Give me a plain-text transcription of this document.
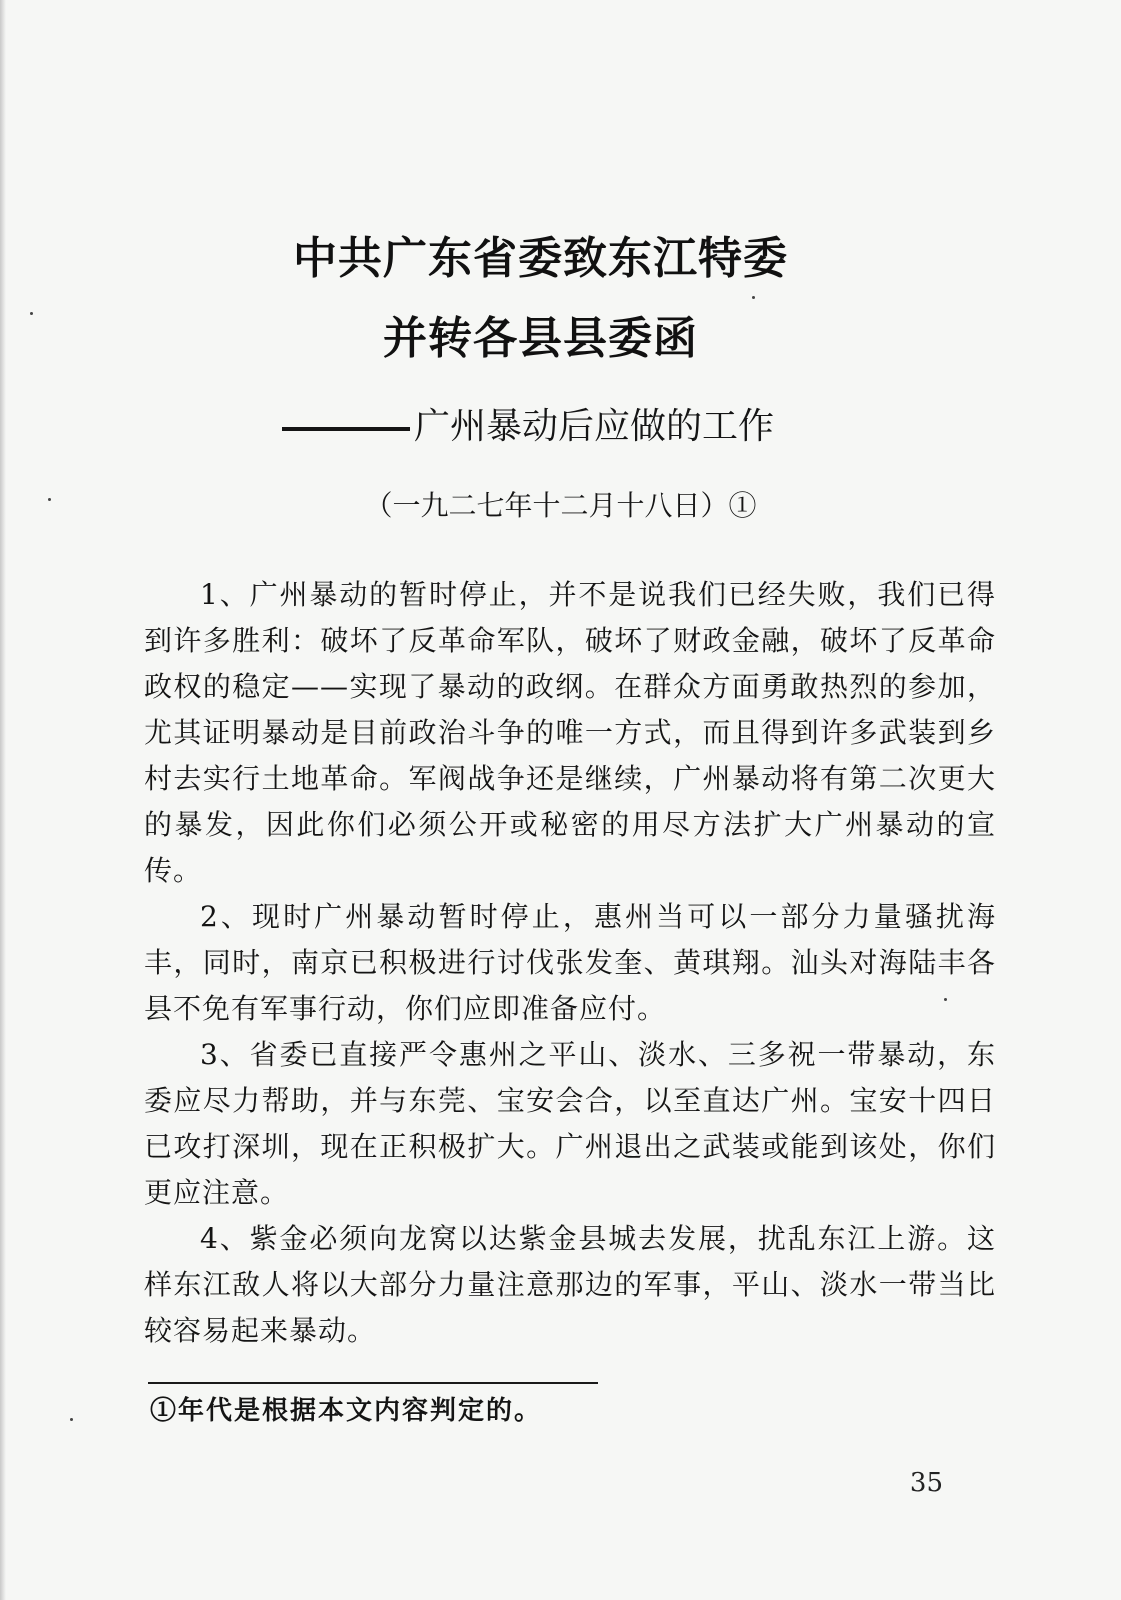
中共广东省委致东江特委
并转各县县委函
广州暴动后应做的工作
（一九二七年十二月十八日）①

1、广州暴动的暂时停止，并不是说我们已经失败，我们已得到许多胜利：破坏了反革命军队，破坏了财政金融，破坏了反革命政权的稳定——实现了暴动的政纲。在群众方面勇敢热烈的参加，尤其证明暴动是目前政治斗争的唯一方式，而且得到许多武装到乡村去实行土地革命。军阀战争还是继续，广州暴动将有第二次更大的暴发，因此你们必须公开或秘密的用尽方法扩大广州暴动的宣传。

2、现时广州暴动暂时停止，惠州当可以一部分力量骚扰海丰，同时，南京已积极进行讨伐张发奎、黄琪翔。汕头对海陆丰各县不免有军事行动，你们应即准备应付。

3、省委已直接严令惠州之平山、淡水、三多祝一带暴动，东委应尽力帮助，并与东莞、宝安会合，以至直达广州。宝安十四日已攻打深圳，现在正积极扩大。广州退出之武装或能到该处，你们更应注意。

4、紫金必须向龙窝以达紫金县城去发展，扰乱东江上游。这样东江敌人将以大部分力量注意那边的军事，平山、淡水一带当比较容易起来暴动。

①年代是根据本文内容判定的。
35
